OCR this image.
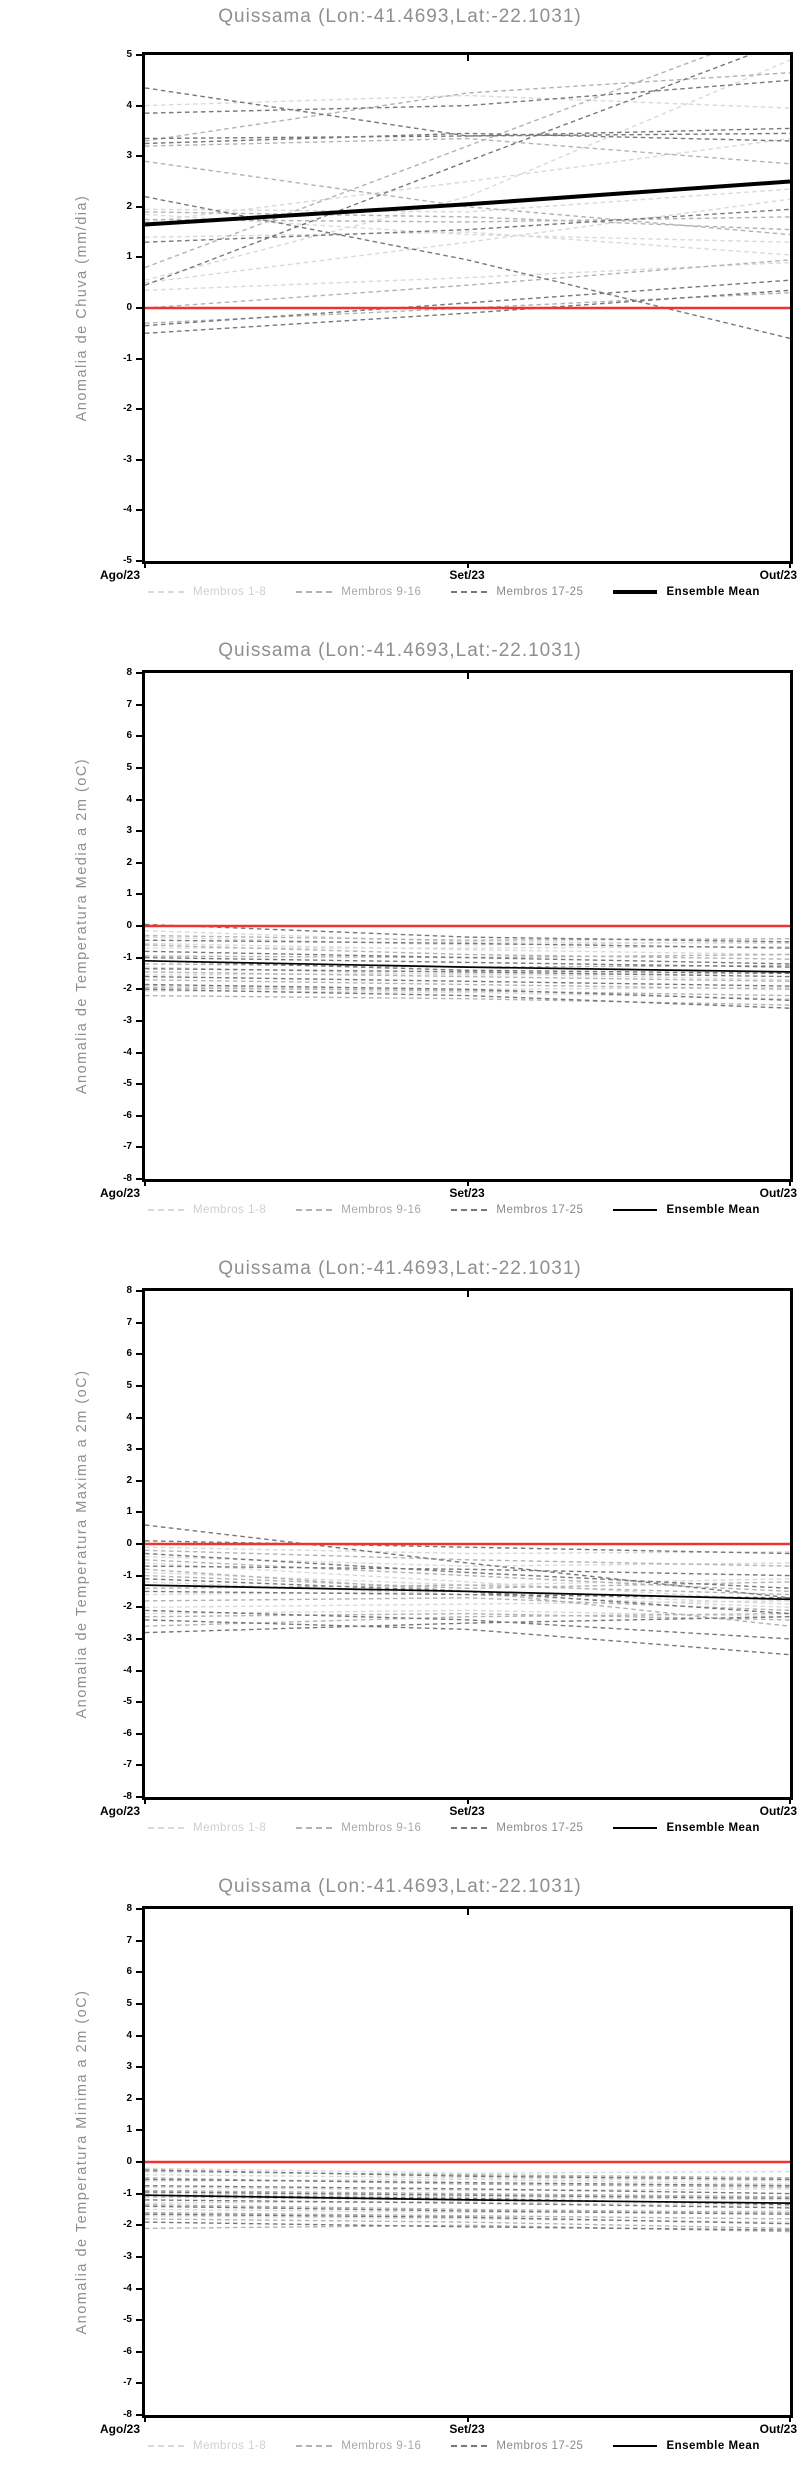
Quissama (Lon:-41.4693,Lat:-22.1031)
Anomalia de Chuva (mm/dia)
Ago/23	Set/23	Out/23
Membros 1-8	Membros 9-16	Membros 17-25	Ensemble Mean
5
4
3
2
1
0
-1
-2
-3
-4
-5
Quissama (Lon:-41.4693,Lat:-22.1031)
Anomalia de Temperatura Media a 2m (oC)
Ago/23	Set/23	Out/23
Membros 1-8	Membros 9-16	Membros 17-25	Ensemble Mean
8
7
6
5
4
3
2
1
0
-1
-2
-3
-4
-5
-6
-7
-8
Quissama (Lon:-41.4693,Lat:-22.1031)
Anomalia de Temperatura Maxima a 2m (oC)
Ago/23	Set/23	Out/23
Membros 1-8	Membros 9-16	Membros 17-25	Ensemble Mean
8
7
6
5
4
3
2
1
0
-1
-2
-3
-4
-5
-6
-7
-8
Quissama (Lon:-41.4693,Lat:-22.1031)
Anomalia de Temperatura Minima a 2m (oC)
Ago/23	Set/23	Out/23
Membros 1-8	Membros 9-16	Membros 17-25	Ensemble Mean
8
7
6
5
4
3
2
1
0
-1
-2
-3
-4
-5
-6
-7
-8
